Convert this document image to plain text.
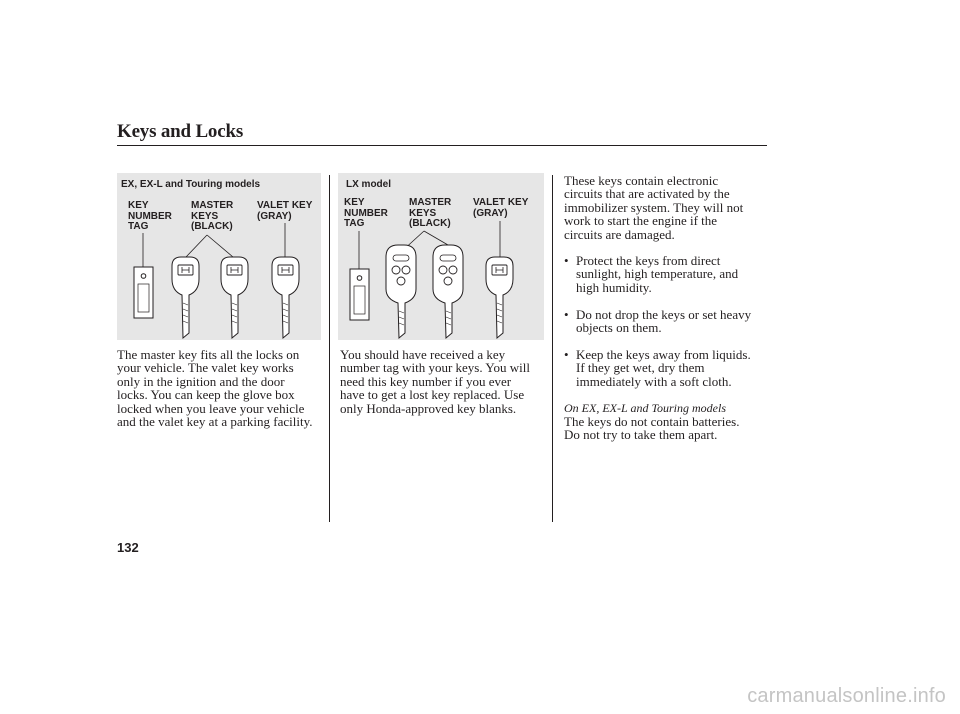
Keys and Locks
EX, EX-L and Touring models
KEY
NUMBER
TAG
MASTER
KEYS
(BLACK)
VALET KEY
(GRAY)
LX model
KEY
NUMBER
TAG
MASTER
KEYS
(BLACK)
VALET KEY
(GRAY)
The master key fits all the locks on
your vehicle. The valet key works
only in the ignition and the door
locks. You can keep the glove box
locked when you leave your vehicle
and the valet key at a parking facility.
You should have received a key
number tag with your keys. You will
need this key number if you ever
have to get a lost key replaced. Use
only Honda-approved key blanks.
These keys contain electronic
circuits that are activated by the
immobilizer system. They will not
work to start the engine if the
circuits are damaged.
• Protect the keys from direct
sunlight, high temperature, and
high humidity.
• Do not drop the keys or set heavy
objects on them.
• Keep the keys away from liquids.
If they get wet, dry them
immediately with a soft cloth.
On EX, EX-L and Touring models
The keys do not contain batteries.
Do not try to take them apart.
132
carmanualsonline.info
